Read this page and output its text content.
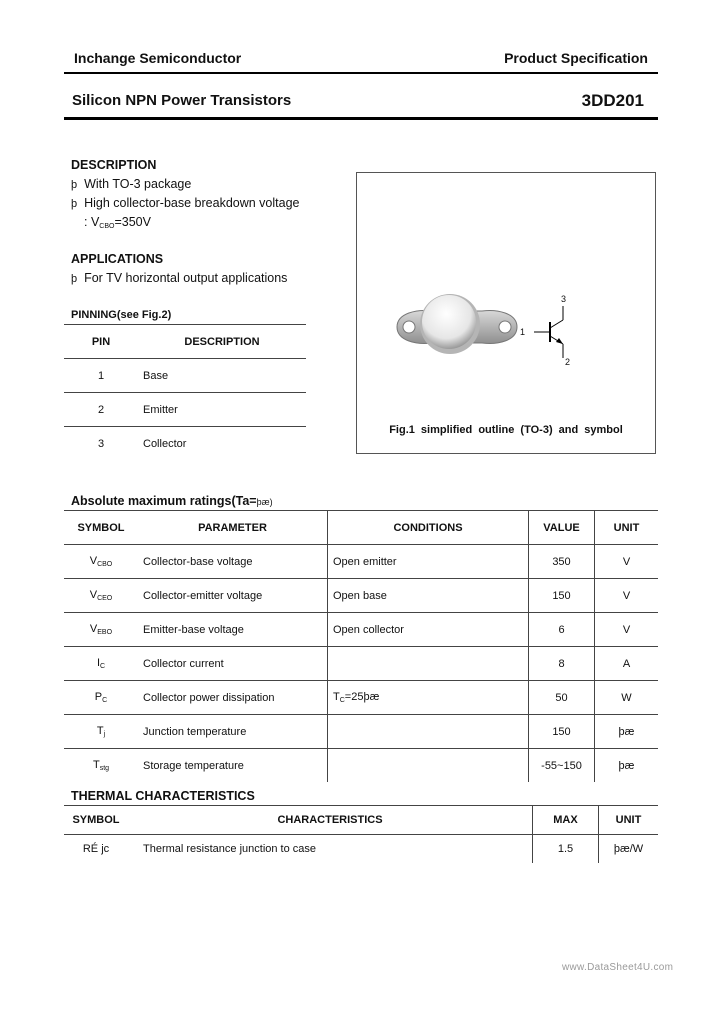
Inchange Semiconductor	Product Specification
Silicon NPN Power Transistors	3DD201
DESCRIPTION
þ With TO-3 package
þ High collector-base breakdown voltage
: $V_{CBO}=350V$
APPLICATIONS
þ For TV horizontal output applications
PINNING(see Fig.2)
PIN	DESCRIPTION
1	Base
2	Emitter
3	Collector
1
3
2
Fig.1 simplified outline (TO-3) and symbol
Absolute maximum ratings(Ta=þæ)
SYMBOL	PARAMETER	CONDITIONS	VALUE	UNIT
$V_{CBO}$	Collector-base voltage	Open emitter	350	V
$V_{CEO}$	Collector-emitter voltage	Open base	150	V
$V_{EBO}$	Emitter-base voltage	Open collector	6	V
$I_C$	Collector current		8	A
$P_C$	Collector power dissipation	$T_C=25þæ$	50	W
$T_j$	Junction temperature		150	þæ
$T_{stg}$	Storage temperature		-55~150	þæ
THERMAL CHARACTERISTICS
SYMBOL	CHARACTERISTICS	MAX	UNIT
RÉ jc	Thermal resistance junction to case	1.5	þæ/W
www.DataSheet4U.com
